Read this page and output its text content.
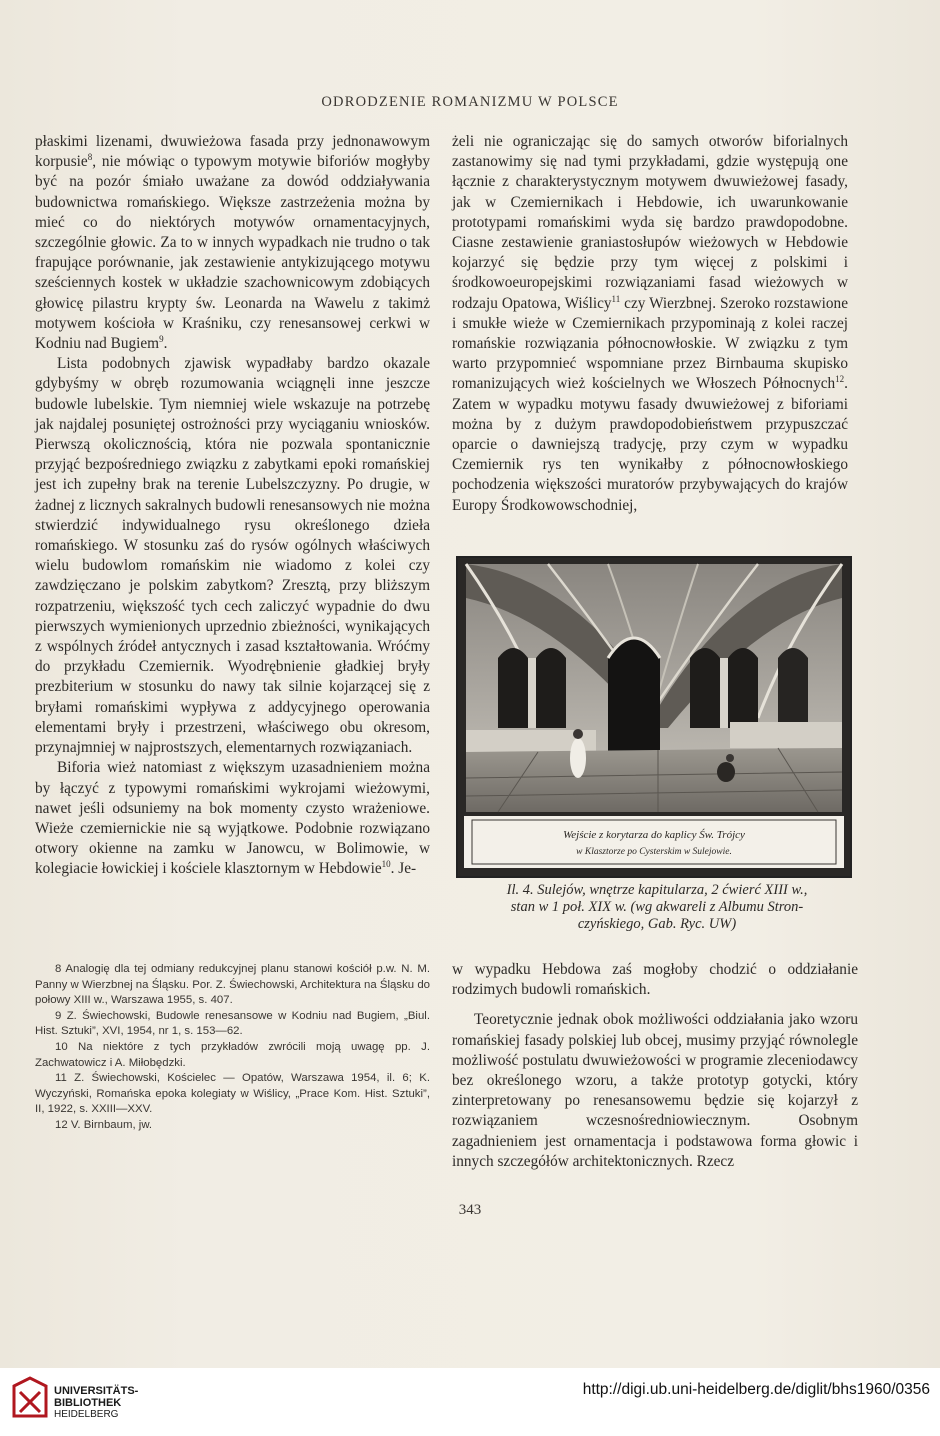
ODRODZENIE ROMANIZMU W POLSCE

płaskimi lizenami, dwuwieżowa fasada przy jednonawowym korpusie$^8$, nie mówiąc o typowym motywie biforiów mogłyby być na pozór śmiało uważane za dowód oddziaływania budownictwa romańskiego. Większe zastrzeżenia można by mieć co do niektórych motywów ornamentacyjnych, szczególnie głowic. Za to w innych wypadkach nie trudno o tak frapujące porównanie, jak zestawienie antykizującego motywu sześciennych kostek w układzie szachownicowym zdobiących głowicę pilastru krypty św. Leonarda na Wawelu z takimż motywem kościoła w Kraśniku, czy renesansowej cerkwi w Kodniu nad Bugiem$^9$.

Lista podobnych zjawisk wypadłaby bardzo okazale gdybyśmy w obręb rozumowania wciągnęli inne jeszcze budowle lubelskie. Tym niemniej wiele wskazuje na potrzebę jak najdalej posuniętej ostrożności przy wyciąganiu wniosków. Pierwszą okolicznością, która nie pozwala spontanicznie przyjąć bezpośredniego związku z zabytkami epoki romańskiej jest ich zupełny brak na terenie Lubelszczyzny. Po drugie, w żadnej z licznych sakralnych budowli renesansowych nie można stwierdzić indywidualnego rysu określonego dzieła romańskiego. W stosunku zaś do rysów ogólnych właściwych wielu budowlom romańskim nie wiadomo z kolei czy zawdzięczano je polskim zabytkom? Zresztą, przy bliższym rozpatrzeniu, większość tych cech zaliczyć wypadnie do dwu pierwszych wymienionych uprzednio zbieżności, wynikających z wspólnych źródeł antycznych i zasad kształtowania. Wróćmy do przykładu Czemiernik. Wyodrębnienie gładkiej bryły prezbiterium w stosunku do nawy tak silnie kojarzącej się z bryłami romańskimi wypływa z addycyjnego operowania elementami bryły i przestrzeni, właściwego obu okresom, przynajmniej w najprostszych, elementarnych rozwiązaniach.

Biforia wież natomiast z większym uzasadnieniem można by łączyć z typowymi romańskimi wykrojami wieżowymi, nawet jeśli odsuniemy na bok momenty czysto wrażeniowe. Wieże czemiernickie nie są wyjątkowe. Podobnie rozwiązano otwory okienne na zamku w Janowcu, w Bolimowie, w kolegiacie łowickiej i kościele klasztornym w Hebdowie$^{10}$. Je-

żeli nie ograniczając się do samych otworów biforialnych zastanowimy się nad tymi przykładami, gdzie występują one łącznie z charakterystycznym motywem dwuwieżowej fasady, jak w Czemiernikach i Hebdowie, ich uwarunkowanie prototypami romańskimi wyda się bardzo prawdopodobne. Ciasne zestawienie graniastosłupów wieżowych w Hebdowie kojarzyć się będzie przy tym więcej z polskimi i środkowoeuropejskimi rozwiązaniami fasad wieżowych w rodzaju Opatowa, Wiślicy$^{11}$ czy Wierzbnej. Szeroko rozstawione i smukłe wieże w Czemiernikach przypominają z kolei raczej romańskie rozwiązania północnowłoskie. W związku z tym warto przypomnieć wspomniane przez Birnbauma skupisko romanizujących wież kościelnych we Włoszech Północnych$^{12}$. Zatem w wypadku motywu fasady dwuwieżowej z biforiami można by z dużym prawdopodobieństwem przypuszczać oparcie o dawniejszą tradycję, przy czym w wypadku Czemiernik rys ten wynikałby z północnowłoskiego pochodzenia większości muratorów przybywających do krajów Europy Środkowowschodniej,

Wejście z korytarza do kaplicy Św. Trójcy
w Klasztorze po Cysterskim w Sulejowie.
Il. 4. Sulejów, wnętrze kapitularza, 2 ćwierć XIII w.,
stan w 1 poł. XIX w. (wg akwareli z Albumu Stron-
czyńskiego, Gab. Ryc. UW)

w wypadku Hebdowa zaś mogłoby chodzić o oddziałanie rodzimych budowli romańskich.

Teoretycznie jednak obok możliwości oddziałania jako wzoru romańskiej fasady polskiej lub obcej, musimy przyjąć równolegle możliwość postulatu dwuwieżowości w programie zleceniodawcy bez określonego wzoru, a także prototyp gotycki, który zinterpretowany po renesansowemu będzie się kojarzył z rozwiązaniem wczesnośredniowiecznym. Osobnym zagadnieniem jest ornamentacja i podstawowa forma głowic i innych szczegółów architektonicznych. Rzecz

8 Analogię dla tej odmiany redukcyjnej planu stanowi kościół p.w. N. M. Panny w Wierzbnej na Śląsku. Por. Z. Świechowski, Architektura na Śląsku do połowy XIII w., Warszawa 1955, s. 407.

9 Z. Świechowski, Budowle renesansowe w Kodniu nad Bugiem, „Biul. Hist. Sztuki”, XVI, 1954, nr 1, s. 153—62.

10 Na niektóre z tych przykładów zwrócili moją uwagę pp. J. Zachwatowicz i A. Miłobędzki.

11 Z. Świechowski, Kościelec — Opatów, Warszawa 1954, il. 6; K. Wyczyński, Romańska epoka kolegiaty w Wiślicy, „Prace Kom. Hist. Sztuki”, II, 1922, s. XXIII—XXV.

12 V. Birnbaum, jw.

343
UNIVERSITÄTS-
BIBLIOTHEK
HEIDELBERG
http://digi.ub.uni-heidelberg.de/diglit/bhs1960/0356
